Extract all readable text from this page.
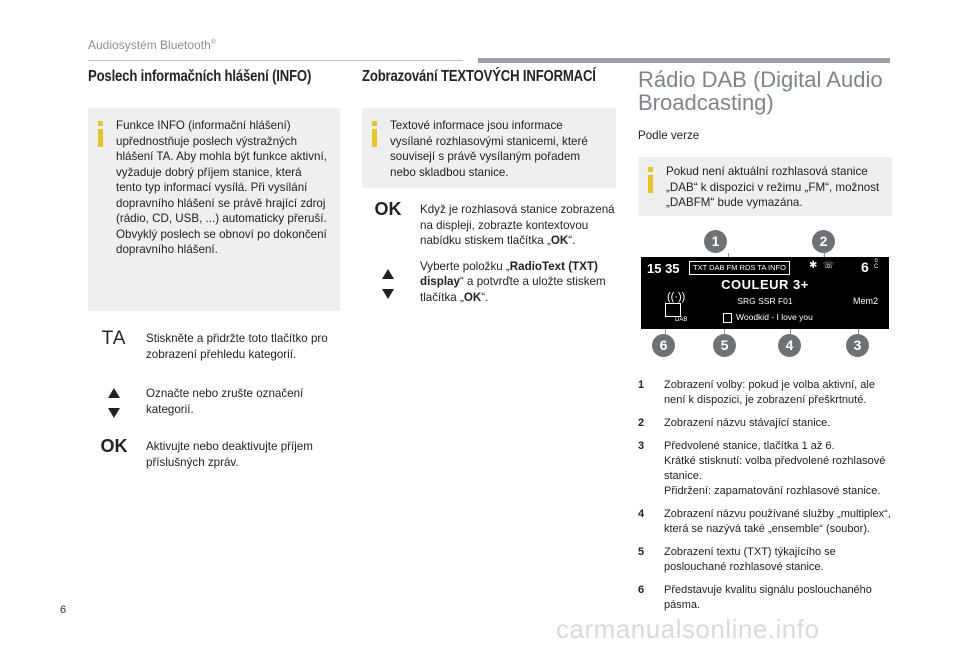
Audiosystém Bluetooth®
Poslech informačních hlášení (INFO)
Funkce INFO (informační hlášení) upřednostňuje poslech výstražných hlášení TA. Aby mohla být funkce aktivní, vyžaduje dobrý příjem stanice, která tento typ informací vysílá. Při vysílání dopravního hlášení se právě hrající zdroj (rádio, CD, USB, ...) automaticky přeruší. Obvyklý poslech se obnoví po dokončení dopravního hlášení.
TA	Stiskněte a přidržte toto tlačítko pro zobrazení přehledu kategorií.
Označte nebo zrušte označení kategorií.
OK	Aktivujte nebo deaktivujte příjem příslušných zpráv.
Zobrazování TEXTOVÝCH INFORMACÍ
Textové informace jsou informace vysílané rozhlasovými stanicemi, které souvisejí s právě vysílaným pořadem nebo skladbou stanice.
OK	Když je rozhlasová stanice zobrazená na displeji, zobrazte kontextovou nabídku stiskem tlačítka „OK“.
Vyberte položku „RadioText (TXT) display“ a potvrďte a uložte stiskem tlačítka „OK“.
Rádio DAB (Digital Audio Broadcasting)
Podle verze
Pokud není aktuální rozhlasová stanice „DAB“ k dispozici v režimu „FM“, možnost „DABFM“ bude vymazána.
1	2
15 35	TXT DAB FM RDS TA INFO	✱ ☏ 6 o
C
COULEUR 3+
((·))
DAB
SRG SSR F01
Woodkid - I love you
Mem2
6	5	4	3
1 Zobrazení volby: pokud je volba aktivní, ale není k dispozici, je zobrazení přeškrtnuté.
2 Zobrazení názvu stávající stanice.
3 Předvolené stanice, tlačítka 1 až 6.
Krátké stisknutí: volba předvolené rozhlasové stanice.
Přidržení: zapamatování rozhlasové stanice.
4 Zobrazení názvu používané služby „multiplex“, která se nazývá také „ensemble“ (soubor).
5 Zobrazení textu (TXT) týkajícího se poslouchané rozhlasové stanice.
6 Představuje kvalitu signálu poslouchaného pásma.
6
carmanualsonline.info
